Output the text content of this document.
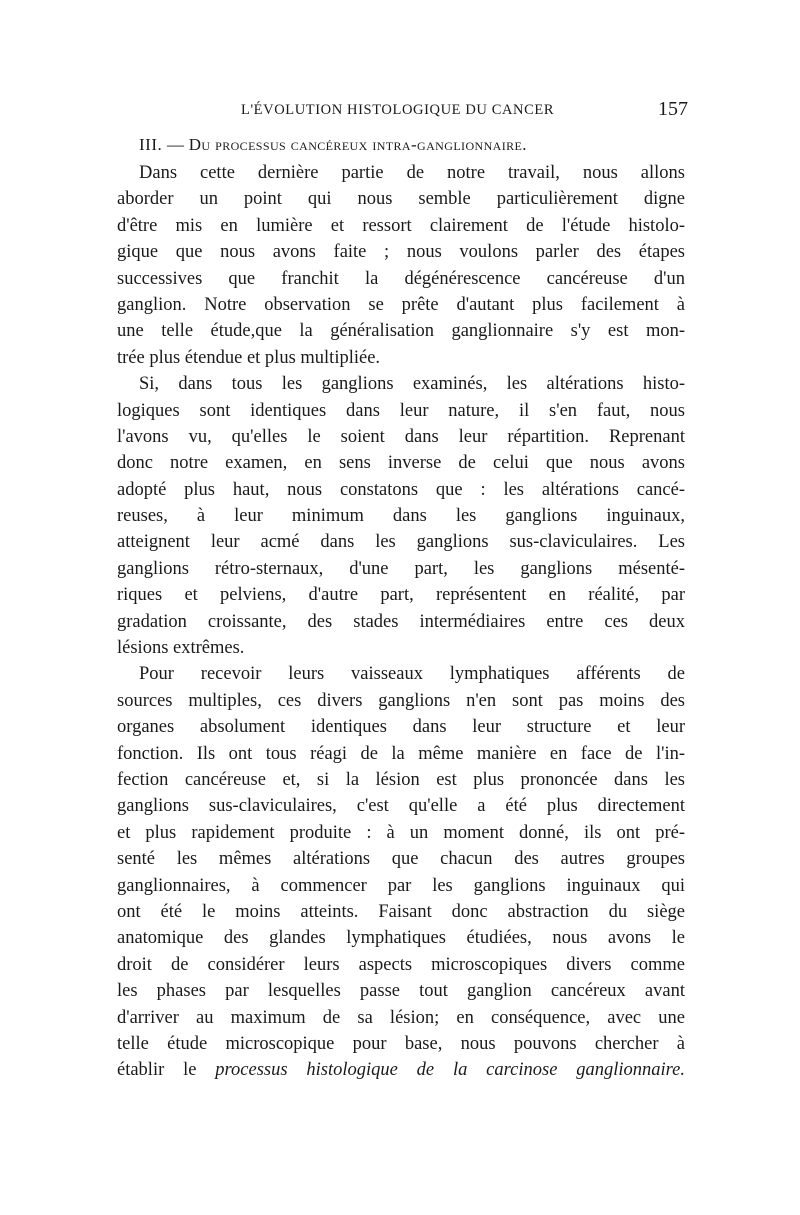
L'ÉVOLUTION HISTOLOGIQUE DU CANCER	157
III. — Du processus cancéreux intra-ganglionnaire.
Dans cette dernière partie de notre travail, nous allons
aborder un point qui nous semble particulièrement digne
d'être mis en lumière et ressort clairement de l'étude histolo-
gique que nous avons faite ; nous voulons parler des étapes
successives que franchit la dégénérescence cancéreuse d'un
ganglion. Notre observation se prête d'autant plus facilement à
une telle étude,que la généralisation ganglionnaire s'y est mon-
trée plus étendue et plus multipliée.
Si, dans tous les ganglions examinés, les altérations histo-
logiques sont identiques dans leur nature, il s'en faut, nous
l'avons vu, qu'elles le soient dans leur répartition. Reprenant
donc notre examen, en sens inverse de celui que nous avons
adopté plus haut, nous constatons que : les altérations cancé-
reuses, à leur minimum dans les ganglions inguinaux,
atteignent leur acmé dans les ganglions sus-claviculaires. Les
ganglions rétro-sternaux, d'une part, les ganglions mésenté-
riques et pelviens, d'autre part, représentent en réalité, par
gradation croissante, des stades intermédiaires entre ces deux
lésions extrêmes.
Pour recevoir leurs vaisseaux lymphatiques afférents de
sources multiples, ces divers ganglions n'en sont pas moins des
organes absolument identiques dans leur structure et leur
fonction. Ils ont tous réagi de la même manière en face de l'in-
fection cancéreuse et, si la lésion est plus prononcée dans les
ganglions sus-claviculaires, c'est qu'elle a été plus directement
et plus rapidement produite : à un moment donné, ils ont pré-
senté les mêmes altérations que chacun des autres groupes
ganglionnaires, à commencer par les ganglions inguinaux qui
ont été le moins atteints. Faisant donc abstraction du siège
anatomique des glandes lymphatiques étudiées, nous avons le
droit de considérer leurs aspects microscopiques divers comme
les phases par lesquelles passe tout ganglion cancéreux avant
d'arriver au maximum de sa lésion; en conséquence, avec une
telle étude microscopique pour base, nous pouvons chercher à
établir le processus histologique de la carcinose ganglionnaire.
